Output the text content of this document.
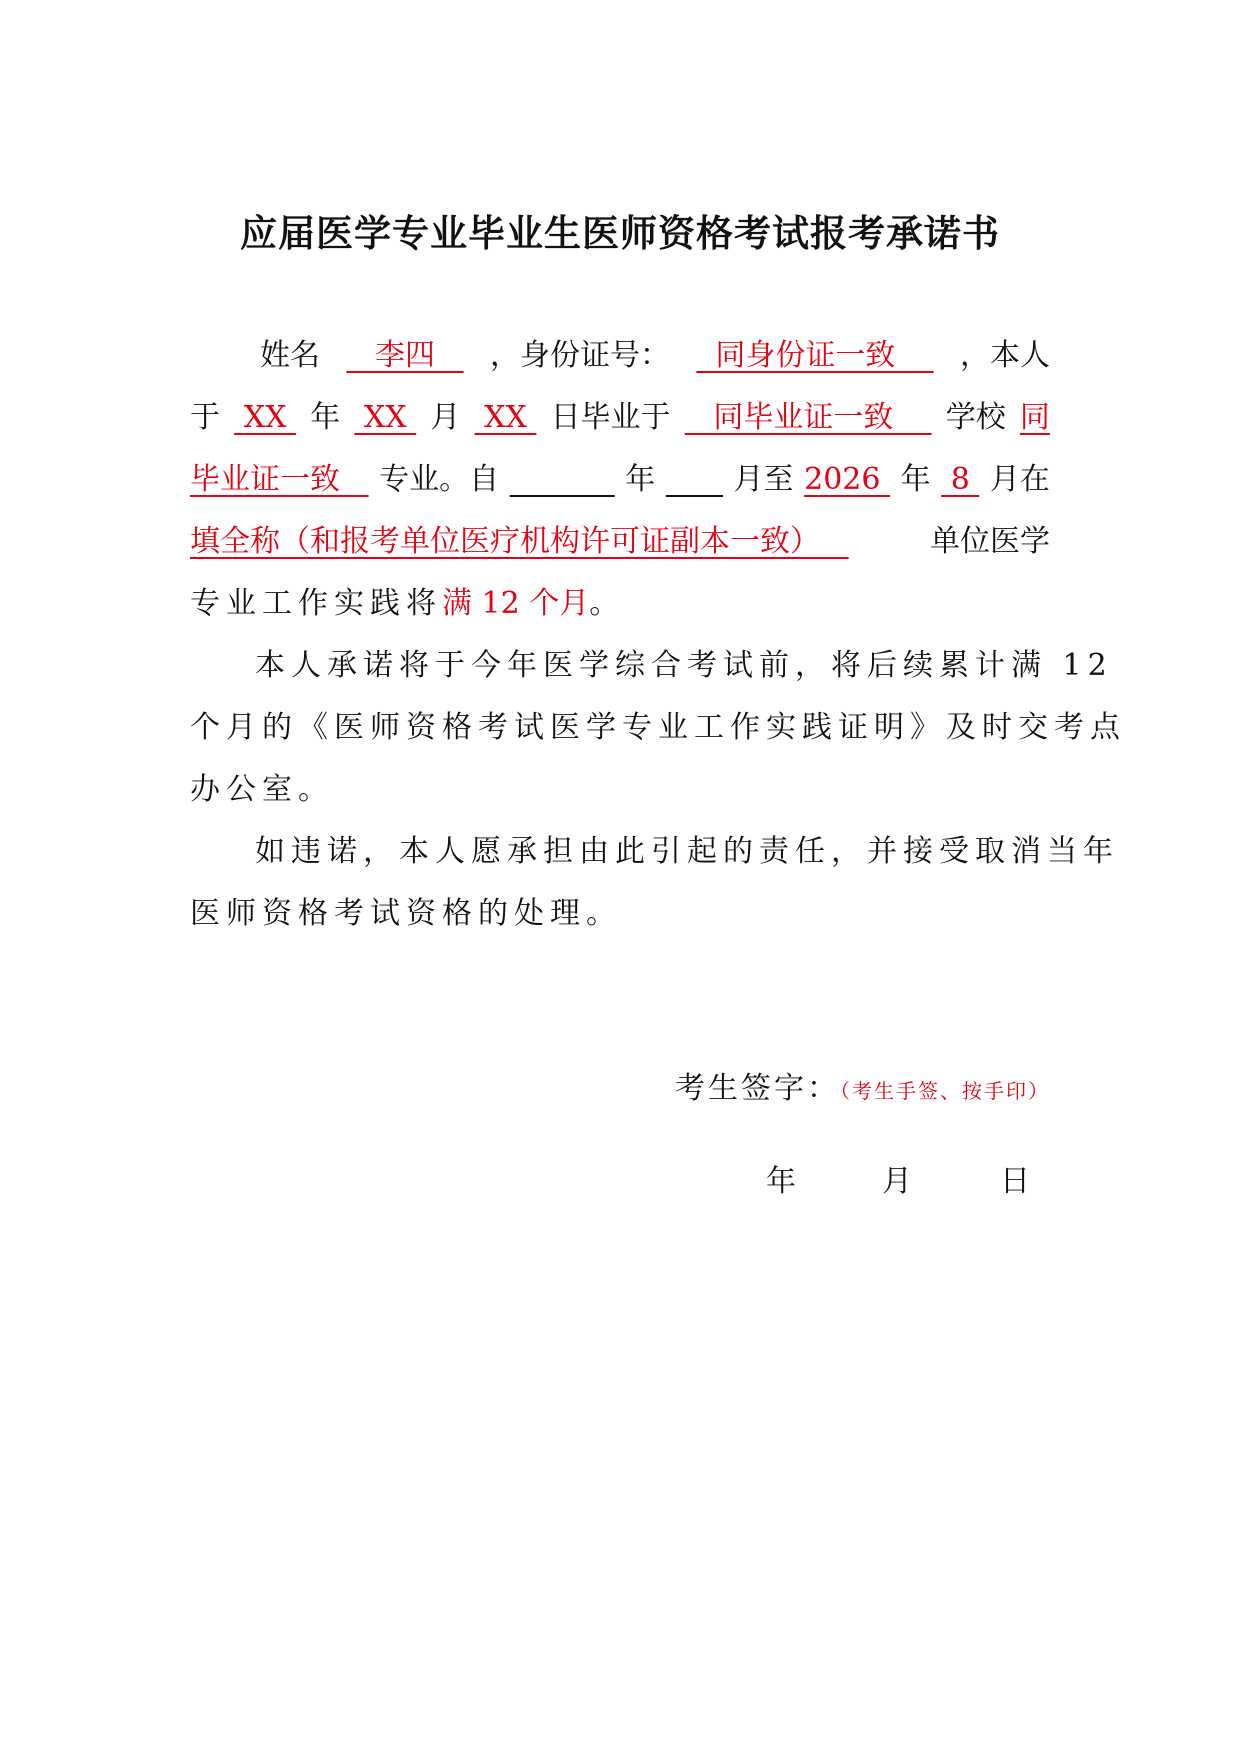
应届医学专业毕业生医师资格考试报考承诺书
姓名	李四	，身份证号：	同身份证一致	，本人
于 XX 年 XX 月 XX 日毕业于	同毕业证一致	学校 同
毕业证一致	专业。自
	年
	月至 2026 年 8 月在
填全称（和报考单位医疗机构许可证副本一致）	单位医学
专业工作实践将满 12 个月。
本人承诺将于今年医学综合考试前，将后续累计满 12
个月的《医师资格考试医学专业工作实践证明》及时交考点
办公室。
如违诺，本人愿承担由此引起的责任，并接受取消当年
医师资格考试资格的处理。
考生签字：（考生手签、按手印）
年	月	日
